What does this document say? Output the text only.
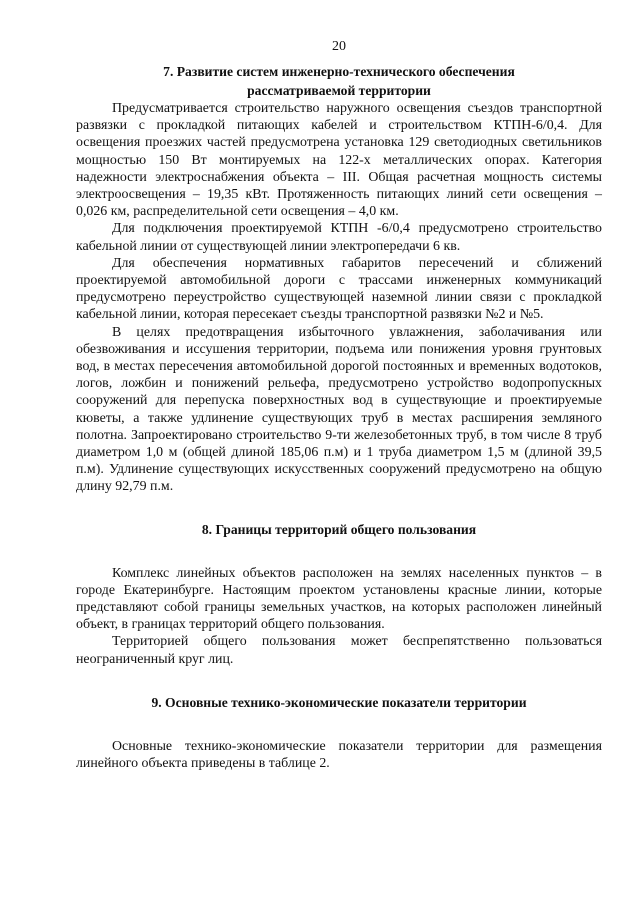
20
7. Развитие систем инженерно-технического обеспечения
рассматриваемой территории

Предусматривается строительство наружного освещения съездов транспортной развязки с прокладкой питающих кабелей и строительством КТПН-6/0,4. Для освещения проезжих частей предусмотрена установка 129 светодиодных светильников мощностью 150 Вт монтируемых на 122-х металлических опорах. Категория надежности электроснабжения объекта – III. Общая расчетная мощность системы электроосвещения – 19,35 кВт. Протяженность питающих линий сети освещения – 0,026 км, распределительной сети освещения – 4,0 км.

Для подключения проектируемой КТПН -6/0,4 предусмотрено строительство кабельной линии от существующей линии электропередачи 6 кв.

Для обеспечения нормативных габаритов пересечений и сближений проектируемой автомобильной дороги с трассами инженерных коммуникаций предусмотрено переустройство существующей наземной линии связи с прокладкой кабельной линии, которая пересекает съезды транспортной развязки №2 и №5.

В целях предотвращения избыточного увлажнения, заболачивания или обезвоживания и иссушения территории, подъема или понижения уровня грунтовых вод, в местах пересечения автомобильной дорогой постоянных и временных водотоков, логов, ложбин и понижений рельефа, предусмотрено устройство водопропускных сооружений для перепуска поверхностных вод в существующие и проектируемые кюветы, а также удлинение существующих труб в местах расширения земляного полотна. Запроектировано строительство 9-ти железобетонных труб, в том числе 8 труб диаметром 1,0 м (общей длиной 185,06 п.м) и 1 труба диаметром 1,5 м (длиной 39,5 п.м). Удлинение существующих искусственных сооружений предусмотрено на общую длину 92,79 п.м.

8. Границы территорий общего пользования

Комплекс линейных объектов расположен на землях населенных пунктов – в городе Екатеринбурге. Настоящим проектом установлены красные линии, которые представляют собой границы земельных участков, на которых расположен линейный объект, в границах территорий общего пользования.

Территорией общего пользования может беспрепятственно пользоваться неограниченный круг лиц.

9. Основные технико-экономические показатели территории

Основные технико-экономические показатели территории для размещения линейного объекта приведены в таблице 2.
